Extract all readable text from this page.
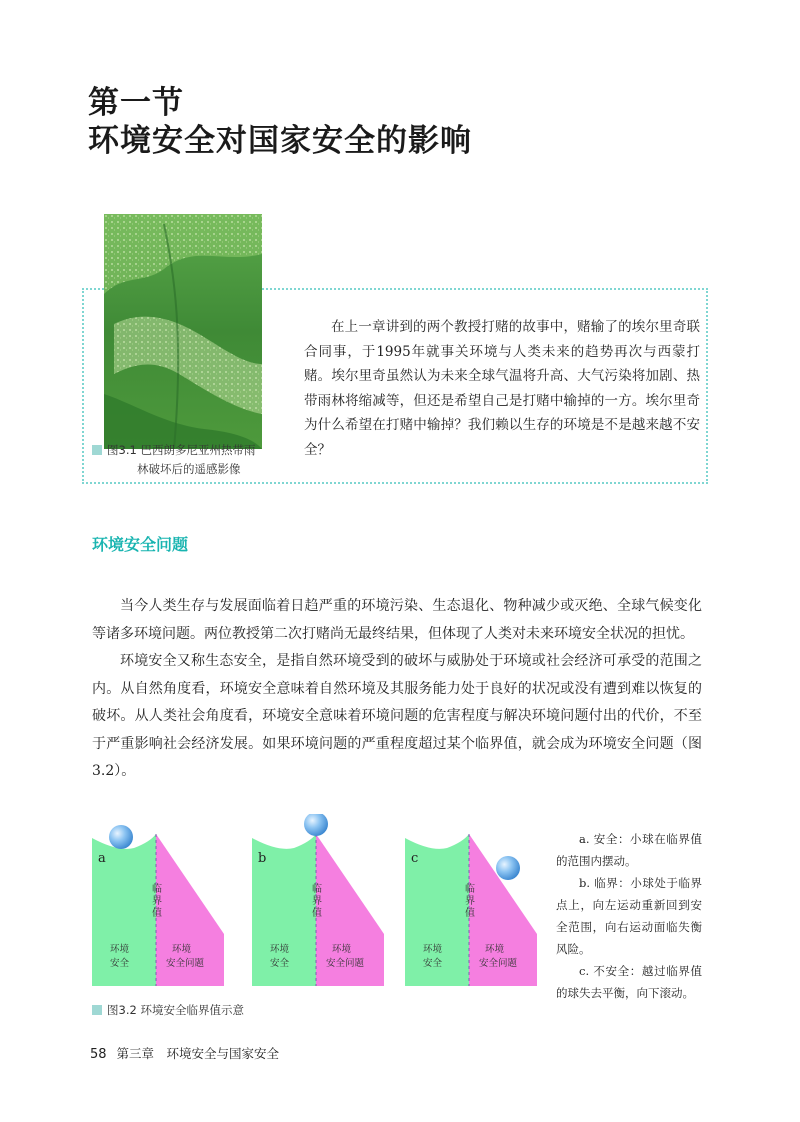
第一节
环境安全对国家安全的影响
图3.1 巴西朗多尼亚州热带雨
林破坏后的遥感影像

在上一章讲到的两个教授打赌的故事中，赌输了的埃尔里奇联合同事，于1995年就事关环境与人类未来的趋势再次与西蒙打赌。埃尔里奇虽然认为未来全球气温将升高、大气污染将加剧、热带雨林将缩减等，但还是希望自己是打赌中输掉的一方。埃尔里奇为什么希望在打赌中输掉？我们赖以生存的环境是不是越来越不安全？

环境安全问题

当今人类生存与发展面临着日趋严重的环境污染、生态退化、物种减少或灭绝、全球气候变化等诸多环境问题。两位教授第二次打赌尚无最终结果，但体现了人类对未来环境安全状况的担忧。

环境安全又称生态安全，是指自然环境受到的破坏与威胁处于环境或社会经济可承受的范围之内。从自然角度看，环境安全意味着自然环境及其服务能力处于良好的状况或没有遭到难以恢复的破坏。从人类社会角度看，环境安全意味着环境问题的危害程度与解决环境问题付出的代价，不至于严重影响社会经济发展。如果环境问题的严重程度超过某个临界值，就会成为环境安全问题（图3.2）。

a
临界值
环境
安全
环境
安全问题
b
临界值
环境
安全
环境
安全问题
c
临界值
环境
安全
环境
安全问题
图3.2 环境安全临界值示意

a. 安全：小球在临界值的范围内摆动。

b. 临界：小球处于临界点上，向左运动重新回到安全范围，向右运动面临失衡风险。

c. 不安全：越过临界值的球失去平衡，向下滚动。

58 第三章　环境安全与国家安全
